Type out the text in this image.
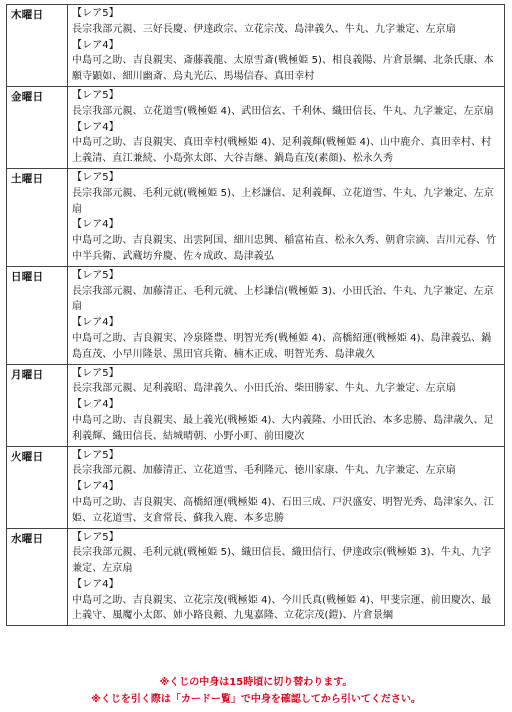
木曜日	【レア5】
長宗我部元親、三好長慶、伊達政宗、立花宗茂、島津義久、牛丸、九字兼定、左京扇
【レア4】
中島可之助、吉良親実、斎藤義龍、太原雪斎(戦極姫 5)、相良義陽、片倉景綱、北条氏康、本願寺顕如、細川幽斎、烏丸光広、馬場信春、真田幸村

金曜日	【レア5】
長宗我部元親、立花道雪(戦極姫 4)、武田信玄、千利休、織田信長、牛丸、九字兼定、左京扇
【レア4】
中島可之助、吉良親実、真田幸村(戦極姫 4)、足利義輝(戦極姫 4)、山中鹿介、真田幸村、村上義清、直江兼続、小島弥太郎、大谷吉継、鍋島直茂(素顔)、松永久秀

土曜日	【レア5】
長宗我部元親、毛利元就(戦極姫 5)、上杉謙信、足利義輝、立花道雪、牛丸、九字兼定、左京扇
【レア4】
中島可之助、吉良親実、出雲阿国、細川忠興、稲富祐直、松永久秀、朝倉宗滴、吉川元春、竹中半兵衛、武蔵坊弁慶、佐々成政、島津義弘

日曜日	【レア5】
長宗我部元親、加藤清正、毛利元就、上杉謙信(戦極姫 3)、小田氏治、牛丸、九字兼定、左京扇
【レア4】
中島可之助、吉良親実、冷泉隆豊、明智光秀(戦極姫 4)、高橋紹運(戦極姫 4)、島津義弘、鍋島直茂、小早川隆景、黒田官兵衛、楠木正成、明智光秀、島津歳久

月曜日	【レア5】
長宗我部元親、足利義昭、島津義久、小田氏治、柴田勝家、牛丸、九字兼定、左京扇
【レア4】
中島可之助、吉良親実、最上義光(戦極姫 4)、大内義隆、小田氏治、本多忠勝、島津歳久、足利義輝、織田信長、結城晴朝、小野小町、前田慶次

火曜日	【レア5】
長宗我部元親、加藤清正、立花道雪、毛利隆元、徳川家康、牛丸、九字兼定、左京扇
【レア4】
中島可之助、吉良親実、高橋紹運(戦極姫 4)、石田三成、戸沢盛安、明智光秀、島津家久、江姫、立花道雪、支倉常長、蘇我入鹿、本多忠勝

水曜日	【レア5】
長宗我部元親、毛利元就(戦極姫 5)、織田信長、織田信行、伊達政宗(戦極姫 3)、牛丸、九字兼定、左京扇
【レア4】
中島可之助、吉良親実、立花宗茂(戦極姫 4)、今川氏真(戦極姫 4)、甲斐宗運、前田慶次、最上義守、風魔小太郎、姉小路良頼、九鬼嘉隆、立花宗茂(鎧)、片倉景綱
※くじの中身は15時頃に切り替わります。
※くじを引く際は「カードー覧」で中身を確認してから引いてください。
